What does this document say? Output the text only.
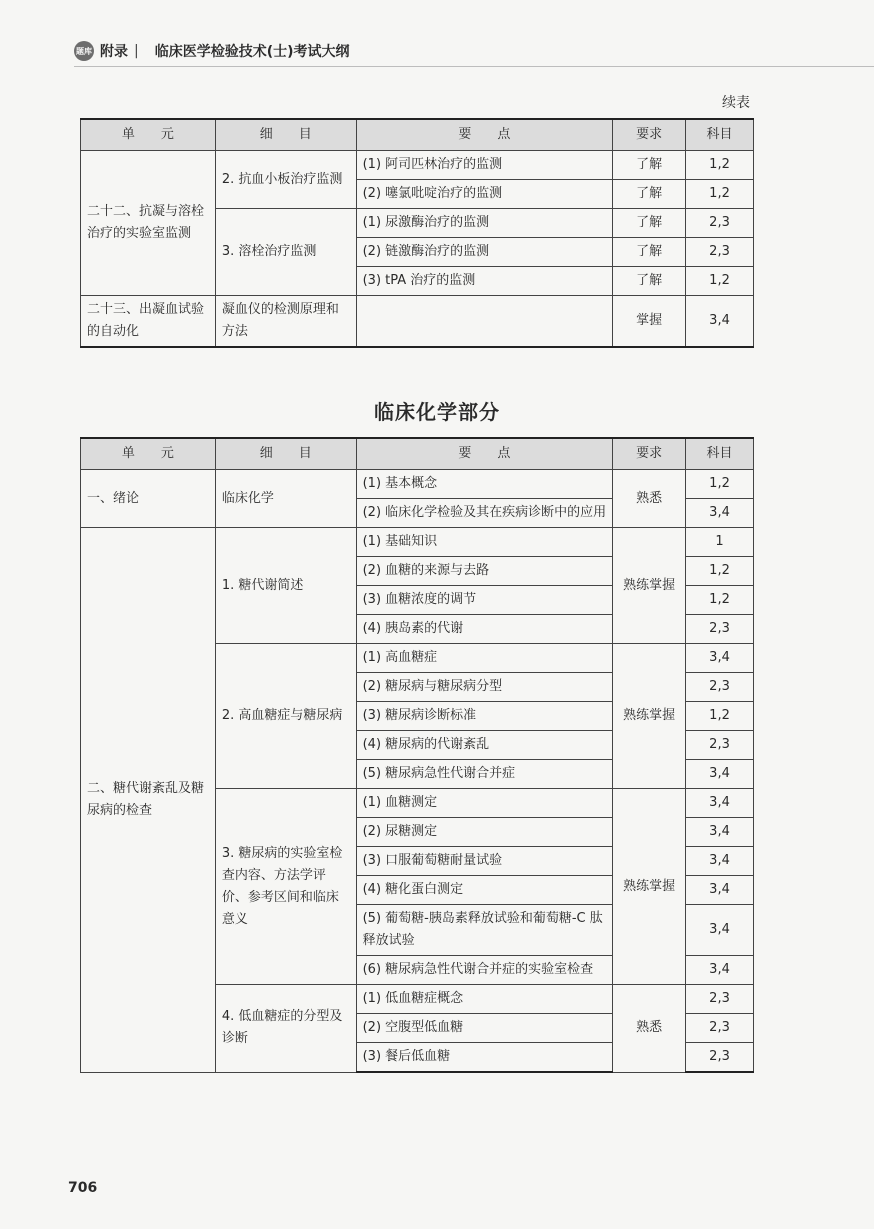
题库 附录 | 临床医学检验技术(士)考试大纲
续表
单　　元	细　　目	要　　点	要求	科目
二十二、抗凝与溶栓治疗的实验室监测	2. 抗血小板治疗监测	(1) 阿司匹林治疗的监测	了解	1,2
		(2) 噻氯吡啶治疗的监测	了解	1,2
	3. 溶栓治疗监测	(1) 尿激酶治疗的监测	了解	2,3
		(2) 链激酶治疗的监测	了解	2,3
		(3) tPA 治疗的监测	了解	1,2
二十三、出凝血试验的自动化	凝血仪的检测原理和方法		掌握	3,4
临床化学部分
单　　元	细　　目	要　　点	要求	科目
一、绪论	临床化学	(1) 基本概念	熟悉	1,2
		(2) 临床化学检验及其在疾病诊断中的应用		3,4
二、糖代谢紊乱及糖尿病的检查	1. 糖代谢简述	(1) 基础知识	熟练掌握	1
		(2) 血糖的来源与去路		1,2
		(3) 血糖浓度的调节		1,2
		(4) 胰岛素的代谢		2,3
	2. 高血糖症与糖尿病	(1) 高血糖症	熟练掌握	3,4
		(2) 糖尿病与糖尿病分型		2,3
		(3) 糖尿病诊断标准		1,2
		(4) 糖尿病的代谢紊乱		2,3
		(5) 糖尿病急性代谢合并症		3,4
	3. 糖尿病的实验室检查内容、方法学评价、参考区间和临床意义	(1) 血糖测定	熟练掌握	3,4
		(2) 尿糖测定		3,4
		(3) 口服葡萄糖耐量试验		3,4
		(4) 糖化蛋白测定		3,4
		(5) 葡萄糖-胰岛素释放试验和葡萄糖-C 肽释放试验		3,4
		(6) 糖尿病急性代谢合并症的实验室检查		3,4
	4. 低血糖症的分型及诊断	(1) 低血糖症概念	熟悉	2,3
		(2) 空腹型低血糖		2,3
		(3) 餐后低血糖		2,3
706
